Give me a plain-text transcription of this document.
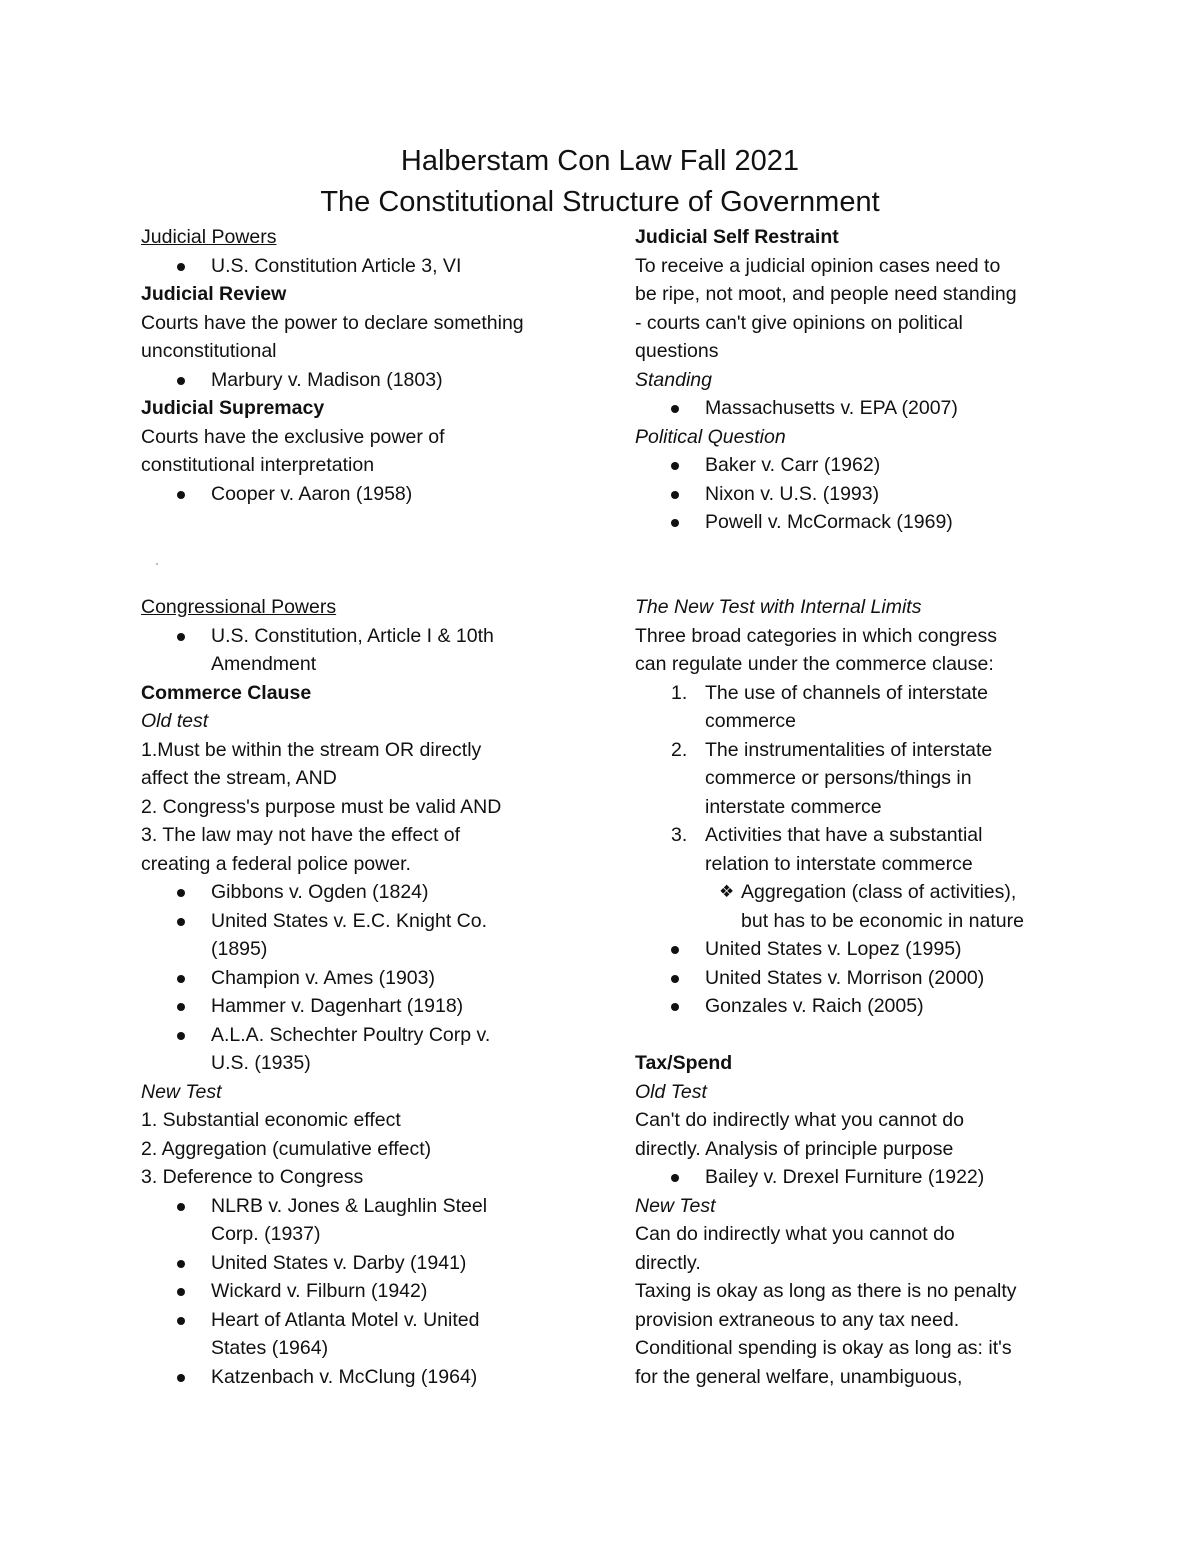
Halberstam Con Law Fall 2021
The Constitutional Structure of Government
Judicial Powers
U.S. Constitution Article 3, VI
Judicial Review
Courts have the power to declare something
unconstitutional
Marbury v. Madison (1803)
Judicial Supremacy
Courts have the exclusive power of
constitutional interpretation
Cooper v. Aaron (1958)
Judicial Self Restraint
To receive a judicial opinion cases need to
be ripe, not moot, and people need standing
- courts can't give opinions on political
questions
Standing
Massachusetts v. EPA (2007)
Political Question
Baker v. Carr (1962)
Nixon v. U.S. (1993)
Powell v. McCormack (1969)
Congressional Powers
U.S. Constitution, Article I & 10th
Amendment
Commerce Clause
Old test
1.Must be within the stream OR directly
affect the stream, AND
2. Congress's purpose must be valid AND
3. The law may not have the effect of
creating a federal police power.
Gibbons v. Ogden (1824)
United States v. E.C. Knight Co.
(1895)
Champion v. Ames (1903)
Hammer v. Dagenhart (1918)
A.L.A. Schechter Poultry Corp v.
U.S. (1935)
New Test
1. Substantial economic effect
2. Aggregation (cumulative effect)
3. Deference to Congress
NLRB v. Jones & Laughlin Steel
Corp. (1937)
United States v. Darby (1941)
Wickard v. Filburn (1942)
Heart of Atlanta Motel v. United
States (1964)
Katzenbach v. McClung (1964)
The New Test with Internal Limits
Three broad categories in which congress
can regulate under the commerce clause:
1. The use of channels of interstate
commerce
2. The instrumentalities of interstate
commerce or persons/things in
interstate commerce
3. Activities that have a substantial
relation to interstate commerce
❖ Aggregation (class of activities),
but has to be economic in nature
United States v. Lopez (1995)
United States v. Morrison (2000)
Gonzales v. Raich (2005)
Tax/Spend
Old Test
Can't do indirectly what you cannot do
directly. Analysis of principle purpose
Bailey v. Drexel Furniture (1922)
New Test
Can do indirectly what you cannot do
directly.
Taxing is okay as long as there is no penalty
provision extraneous to any tax need.
Conditional spending is okay as long as: it's
for the general welfare, unambiguous,
